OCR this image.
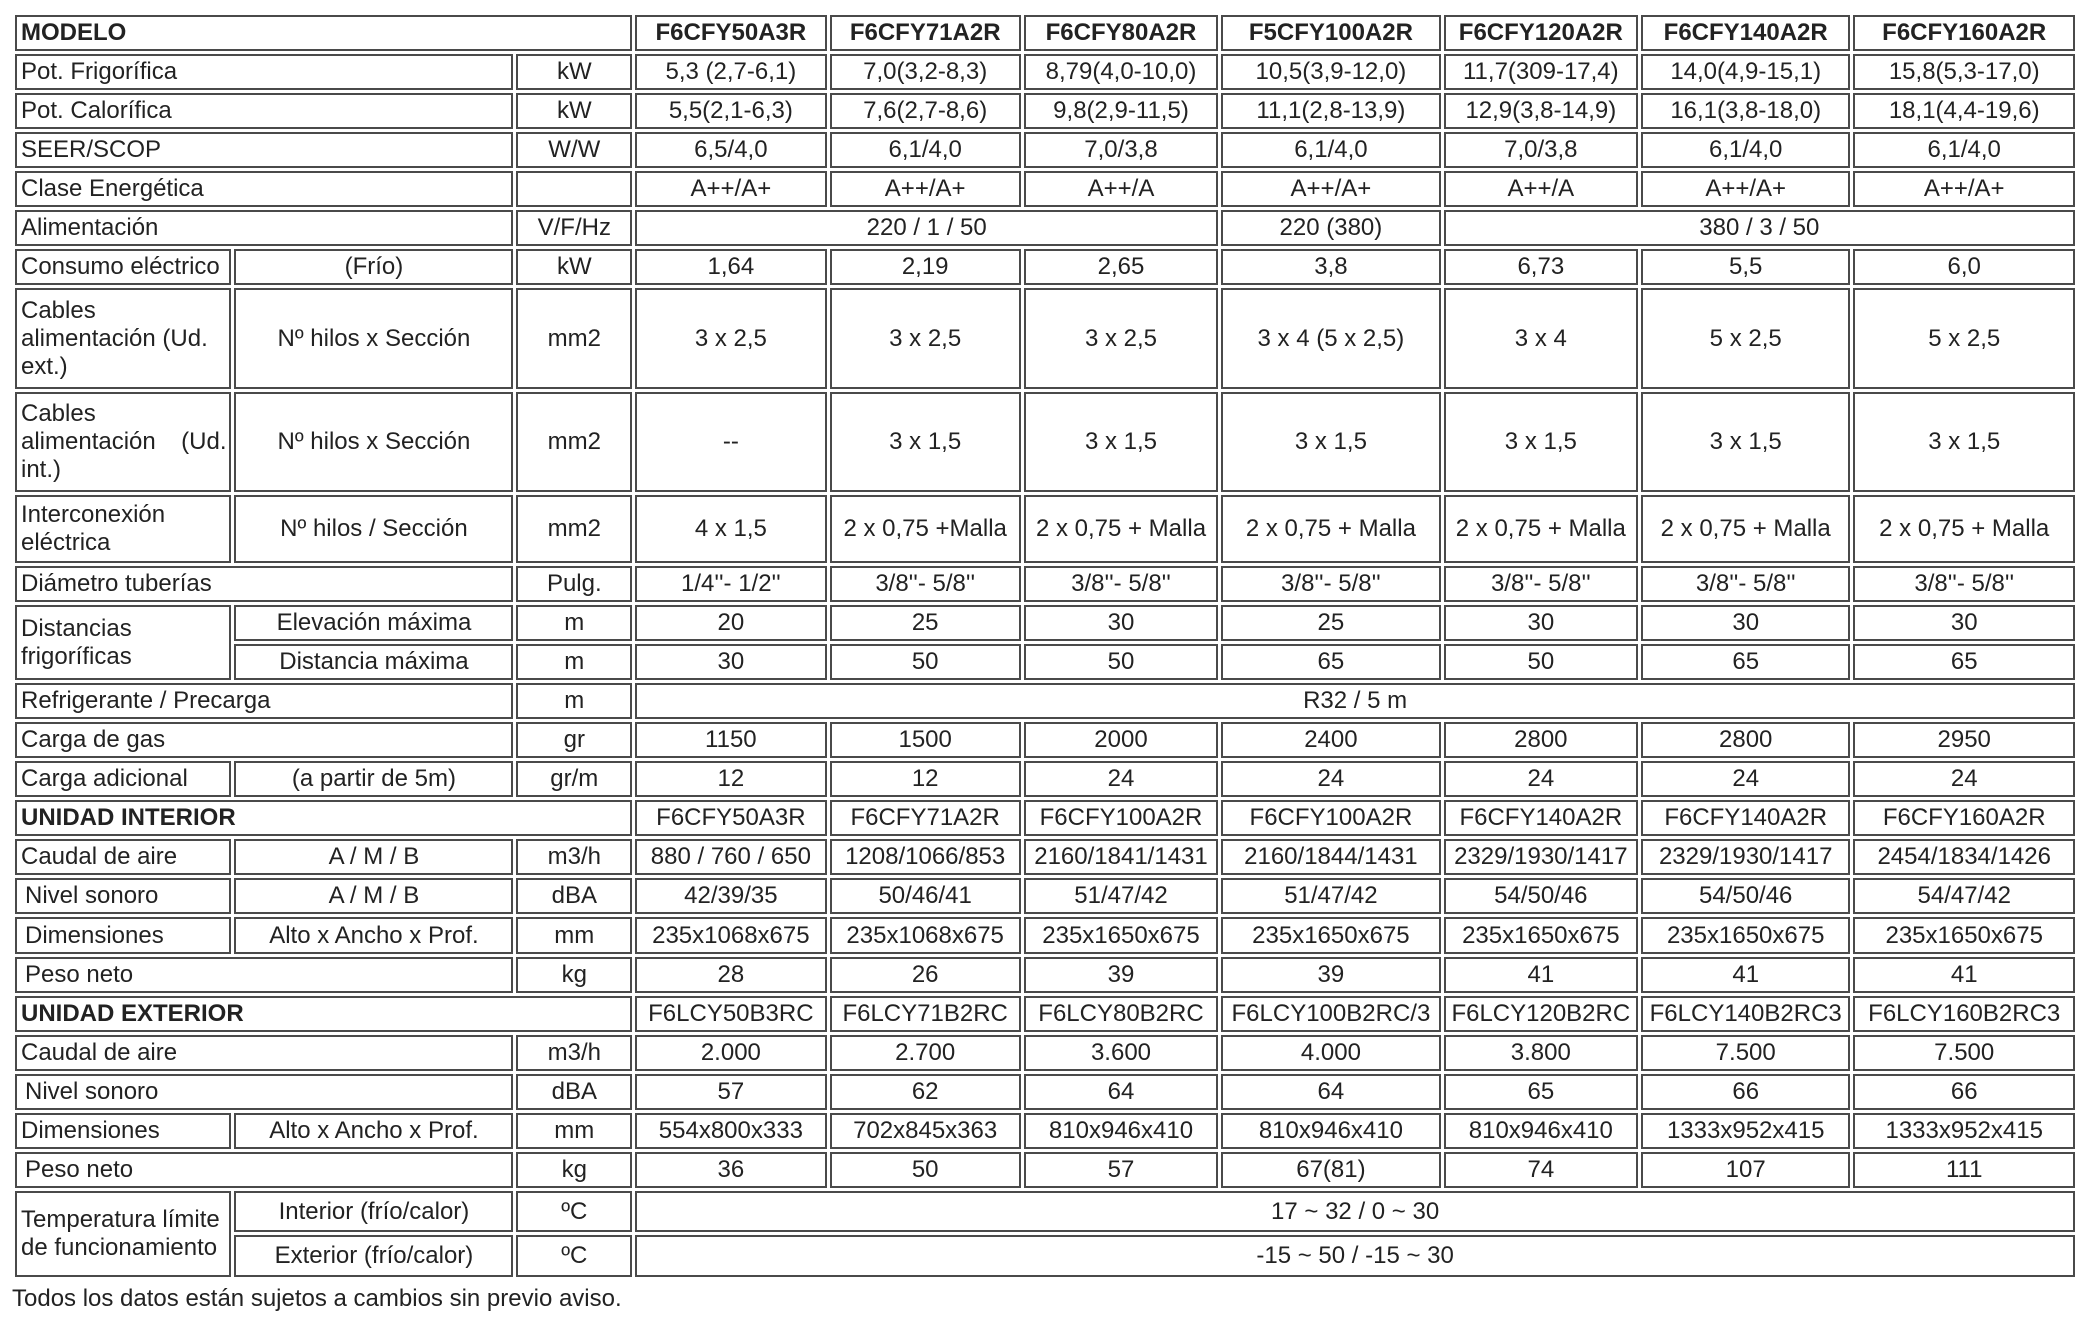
MODELO			F6CFY50A3R	F6CFY71A2R	F6CFY80A2R	F5CFY100A2R	F6CFY120A2R	F6CFY140A2R	F6CFY160A2R
Pot. Frigorífica		kW	5,3 (2,7-6,1)	7,0(3,2-8,3)	8,79(4,0-10,0)	10,5(3,9-12,0)	11,7(309-17,4)	14,0(4,9-15,1)	15,8(5,3-17,0)
Pot. Calorífica		kW	5,5(2,1-6,3)	7,6(2,7-8,6)	9,8(2,9-11,5)	11,1(2,8-13,9)	12,9(3,8-14,9)	16,1(3,8-18,0)	18,1(4,4-19,6)
SEER/SCOP		W/W	6,5/4,0	6,1/4,0	7,0/3,8	6,1/4,0	7,0/3,8	6,1/4,0	6,1/4,0
Clase Energética			A++/A+	A++/A+	A++/A	A++/A+	A++/A	A++/A+	A++/A+
Alimentación		V/F/Hz	220 / 1 / 50			220 (380)	380 / 3 / 50		
Consumo eléctrico	(Frío)	kW	1,64	2,19	2,65	3,8	6,73	5,5	6,0
Cables alimentación (Ud. ext.)	Nº hilos x Sección	mm2	3 x 2,5	3 x 2,5	3 x 2,5	3 x 4 (5 x 2,5)	3 x 4	5 x 2,5	5 x 2,5
Cables alimentación (Ud. int.)	Nº hilos x Sección	mm2	--	3 x 1,5	3 x 1,5	3 x 1,5	3 x 1,5	3 x 1,5	3 x 1,5
Interconexión eléctrica	Nº hilos / Sección	mm2	4 x 1,5	2 x 0,75 +Malla	2 x 0,75 + Malla	2 x 0,75 + Malla	2 x 0,75 + Malla	2 x 0,75 + Malla	2 x 0,75 + Malla
Diámetro tuberías		Pulg.	1/4''- 1/2''	3/8''- 5/8''	3/8''- 5/8''	3/8''- 5/8''	3/8''- 5/8''	3/8''- 5/8''	3/8''- 5/8''
Distancias frigoríficas	Elevación máxima	m	20	25	30	25	30	30	30
	Distancia máxima	m	30	50	50	65	50	65	65
Refrigerante / Precarga		m	R32 / 5 m						
Carga de gas		gr	1150	1500	2000	2400	2800	2800	2950
Carga adicional	(a partir de 5m)	gr/m	12	12	24	24	24	24	24
UNIDAD INTERIOR			F6CFY50A3R	F6CFY71A2R	F6CFY100A2R	F6CFY100A2R	F6CFY140A2R	F6CFY140A2R	F6CFY160A2R
Caudal de aire	A / M / B	m3/h	880 / 760 / 650	1208/1066/853	2160/1841/1431	2160/1844/1431	2329/1930/1417	2329/1930/1417	2454/1834/1426
Nivel sonoro	A / M / B	dBA	42/39/35	50/46/41	51/47/42	51/47/42	54/50/46	54/50/46	54/47/42
Dimensiones	Alto x Ancho x Prof.	mm	235x1068x675	235x1068x675	235x1650x675	235x1650x675	235x1650x675	235x1650x675	235x1650x675
Peso neto		kg	28	26	39	39	41	41	41
UNIDAD EXTERIOR			F6LCY50B3RC	F6LCY71B2RC	F6LCY80B2RC	F6LCY100B2RC/3	F6LCY120B2RC	F6LCY140B2RC3	F6LCY160B2RC3
Caudal de aire		m3/h	2.000	2.700	3.600	4.000	3.800	7.500	7.500
Nivel sonoro		dBA	57	62	64	64	65	66	66
Dimensiones	Alto x Ancho x Prof.	mm	554x800x333	702x845x363	810x946x410	810x946x410	810x946x410	1333x952x415	1333x952x415
Peso neto		kg	36	50	57	67(81)	74	107	111
Temperatura límite de funcionamiento	Interior (frío/calor)	ºC	17 ~ 32 / 0 ~ 30						
	Exterior (frío/calor)	ºC	-15 ~ 50 / -15 ~ 30						
Todos los datos están sujetos a cambios sin previo aviso.
